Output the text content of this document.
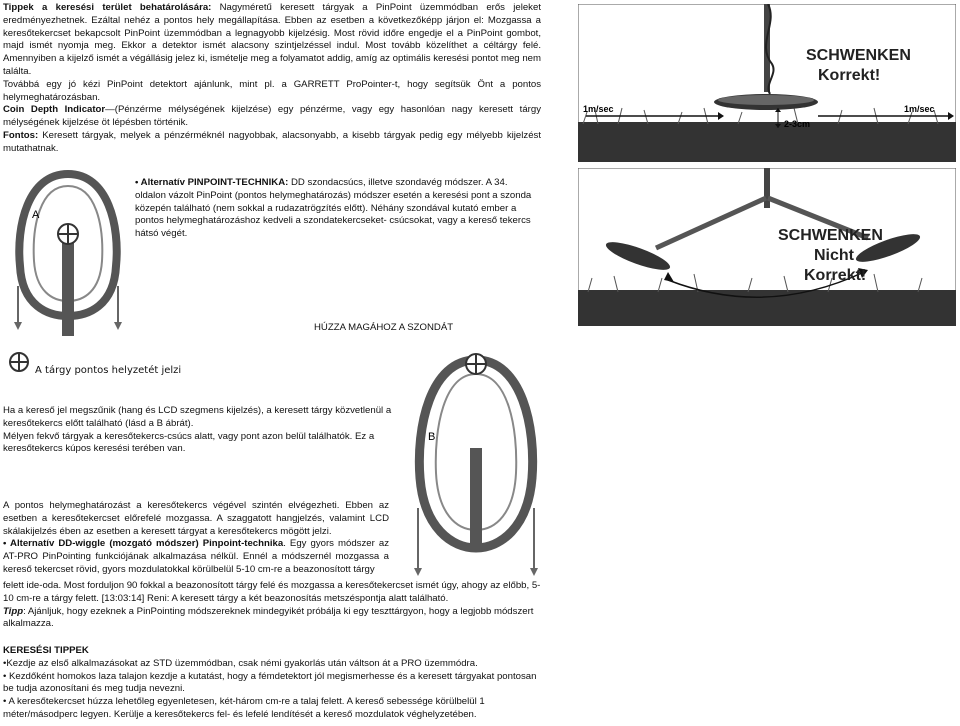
Tippek a keresési terület behatárolására: Nagyméretű keresett tárgyak a PinPoint üzemmódban erős jeleket eredményezhetnek. Ezáltal nehéz a pontos hely megállapítása. Ebben az esetben a következőképp járjon el: Mozgassa a keresőtekercset bekapcsolt PinPoint üzemmódban a legnagyobb kijelzésig. Most rövid időre engedje el a PinPoint gombot, majd ismét nyomja meg. Ekkor a detektor ismét alacsony szintjelzéssel indul. Most tovább közelíthet a céltárgy felé. Amennyiben a kijelző ismét a végállásig jelez ki, ismételje meg a folyamatot addig, amíg az optimális keresési pontot meg nem találta.
Továbbá egy jó kézi PinPoint detektort ajánlunk, mint pl. a GARRETT ProPointer-t, hogy segítsük Önt a pontos helymeghatározásban.
Coin Depth Indicator—(Pénzérme mélységének kijelzése) egy pénzérme, vagy egy hasonlóan nagy keresett tárgy mélységének kijelzése öt lépésben történik.
Fontos: Keresett tárgyak, melyek a pénzérméknél nagyobbak, alacsonyabb, a kisebb tárgyak pedig egy mélyebb kijelzést mutathatnak.

1m/sec	1m/sec
2-3cm
SCHWENKEN
Korrekt!
A

• Alternatív PINPOINT-TECHNIKA: DD szondacsúcs, illetve szondavég módszer. A 34. oldalon vázolt PinPoint (pontos helymeghatározás) módszer esetén a keresési pont a szonda közepén található (nem sokkal a rudazatrögzítés előtt). Néhány szondával kutató ember a pontos helymeghatározáshoz kedveli a szondatekercseket- csúcsokat, vagy a kereső tekercs hátsó végét.	SCHWENKEN
Nicht
Korrekt!
HÚZZA MAGÁHOZ A SZONDÁT
A tárgy pontos helyzetét jelzi
B

Ha a kereső jel megszűnik (hang és LCD szegmens kijelzés), a keresett tárgy közvetlenül a keresőtekercs előtt található (lásd a B ábrát).
Mélyen fekvő tárgyak a keresőtekercs-csúcs alatt, vagy pont azon belül találhatók. Ez a keresőtekercs kúpos keresési terében van.

A pontos helymeghatározást a keresőtekercs végével szintén elvégezheti. Ebben az esetben a keresőtekercset előrefelé mozgassa. A szaggatott hangjelzés, valamint LCD skálakijelzés ében az esetben a keresett tárgyat a keresőtekercs mögött jelzi.
• Alternatív DD-wiggle (mozgató módszer) Pinpoint-technika. Egy gyors módszer az AT-PRO PinPointing funkciójának alkalmazása nélkül. Ennél a módszernél mozgassa a kereső tekercset rövid, gyors mozdulatokkal körülbelül 5-10 cm-re a beazonosított tárgy

felett ide-oda. Most forduljon 90 fokkal a beazonosított tárgy felé és mozgassa a keresőtekercset ismét úgy, ahogy az előbb, 5-10 cm-re a tárgy felett. [13:03:14] Reni: A keresett tárgy a két beazonosítás metszéspontja alatt található.
Tipp: Ajánljuk, hogy ezeknek a PinPointing módszereknek mindegyikét próbálja ki egy teszttárgyon, hogy a legjobb módszert alkalmazza.

KERESÉSI TIPPEK
•Kezdje az első alkalmazásokat az STD üzemmódban, csak némi gyakorlás után váltson át a PRO üzemmódra.
• Kezdőként homokos laza talajon kezdje a kutatást, hogy a fémdetektort jól megismerhesse és a keresett tárgyakat pontosan be tudja azonosítani és meg tudja nevezni.
• A keresőtekercset húzza lehetőleg egyenletesen, két-három cm-re a talaj felett. A kereső sebessége körülbelül 1 méter/másodperc legyen. Kerülje a keresőtekercs fel- és lefelé lendítését a kereső mozdulatok véghelyzetében.
